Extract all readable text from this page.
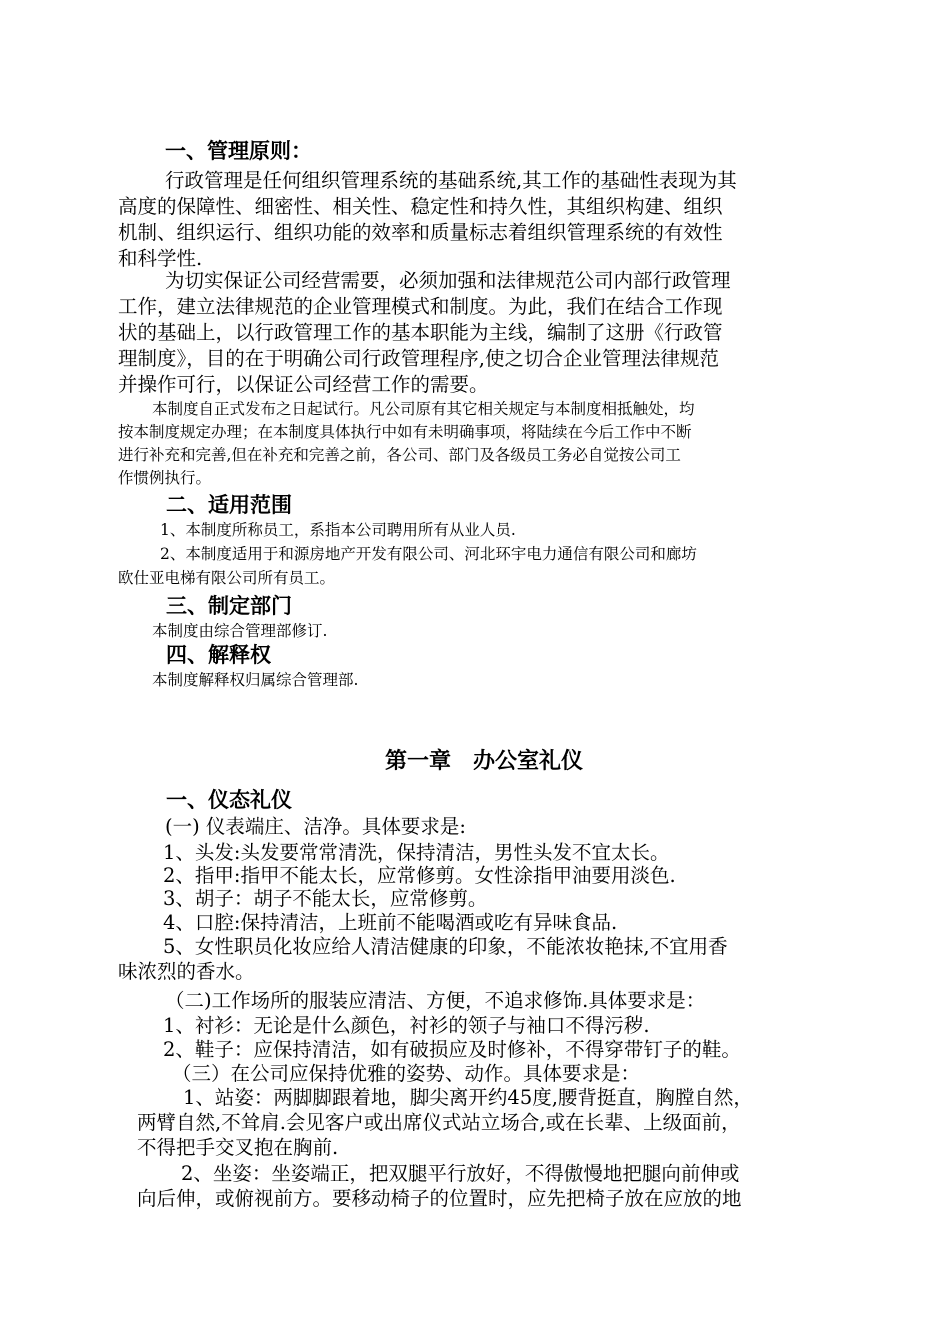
一、管理原则：
行政管理是任何组织管理系统的基础系统,其工作的基础性表现为其
高度的保障性、细密性、相关性、稳定性和持久性，其组织构建、组织
机制、组织运行、组织功能的效率和质量标志着组织管理系统的有效性
和科学性.
为切实保证公司经营需要，必须加强和法律规范公司内部行政管理
工作，建立法律规范的企业管理模式和制度。为此，我们在结合工作现
状的基础上，以行政管理工作的基本职能为主线，编制了这册《行政管
理制度》，目的在于明确公司行政管理程序,使之切合企业管理法律规范
并操作可行，以保证公司经营工作的需要。
本制度自正式发布之日起试行。凡公司原有其它相关规定与本制度相抵触处，均
按本制度规定办理；在本制度具体执行中如有未明确事项，将陆续在今后工作中不断
进行补充和完善,但在补充和完善之前，各公司、部门及各级员工务必自觉按公司工
作惯例执行。
二、适用范围
1、本制度所称员工，系指本公司聘用所有从业人员.
2、本制度适用于和源房地产开发有限公司、河北环宇电力通信有限公司和廊坊
欧仕亚电梯有限公司所有员工。
三、制定部门
本制度由综合管理部修订.
四、解释权
本制度解释权归属综合管理部.
第一章　办公室礼仪
一、仪态礼仪
(一) 仪表端庄、洁净。具体要求是:
1、头发:头发要常常清洗，保持清洁，男性头发不宜太长。
2、指甲:指甲不能太长，应常修剪。女性涂指甲油要用淡色.
3、胡子：胡子不能太长，应常修剪。
4、口腔:保持清洁，上班前不能喝酒或吃有异味食品.
5、女性职员化妆应给人清洁健康的印象，不能浓妆艳抹,不宜用香
味浓烈的香水。
（二)工作场所的服装应清洁、方便，不追求修饰.具体要求是：
1、衬衫：无论是什么颜色，衬衫的领子与袖口不得污秽.
2、鞋子：应保持清洁，如有破损应及时修补，不得穿带钉子的鞋。
（三）在公司应保持优雅的姿势、动作。具体要求是：
1、站姿：两脚脚跟着地，脚尖离开约45度,腰背挺直，胸膛自然，
两臂自然,不耸肩.会见客户或出席仪式站立场合,或在长辈、上级面前，
不得把手交叉抱在胸前.
2、坐姿：坐姿端正，把双腿平行放好，不得傲慢地把腿向前伸或
向后伸，或俯视前方。要移动椅子的位置时，应先把椅子放在应放的地
